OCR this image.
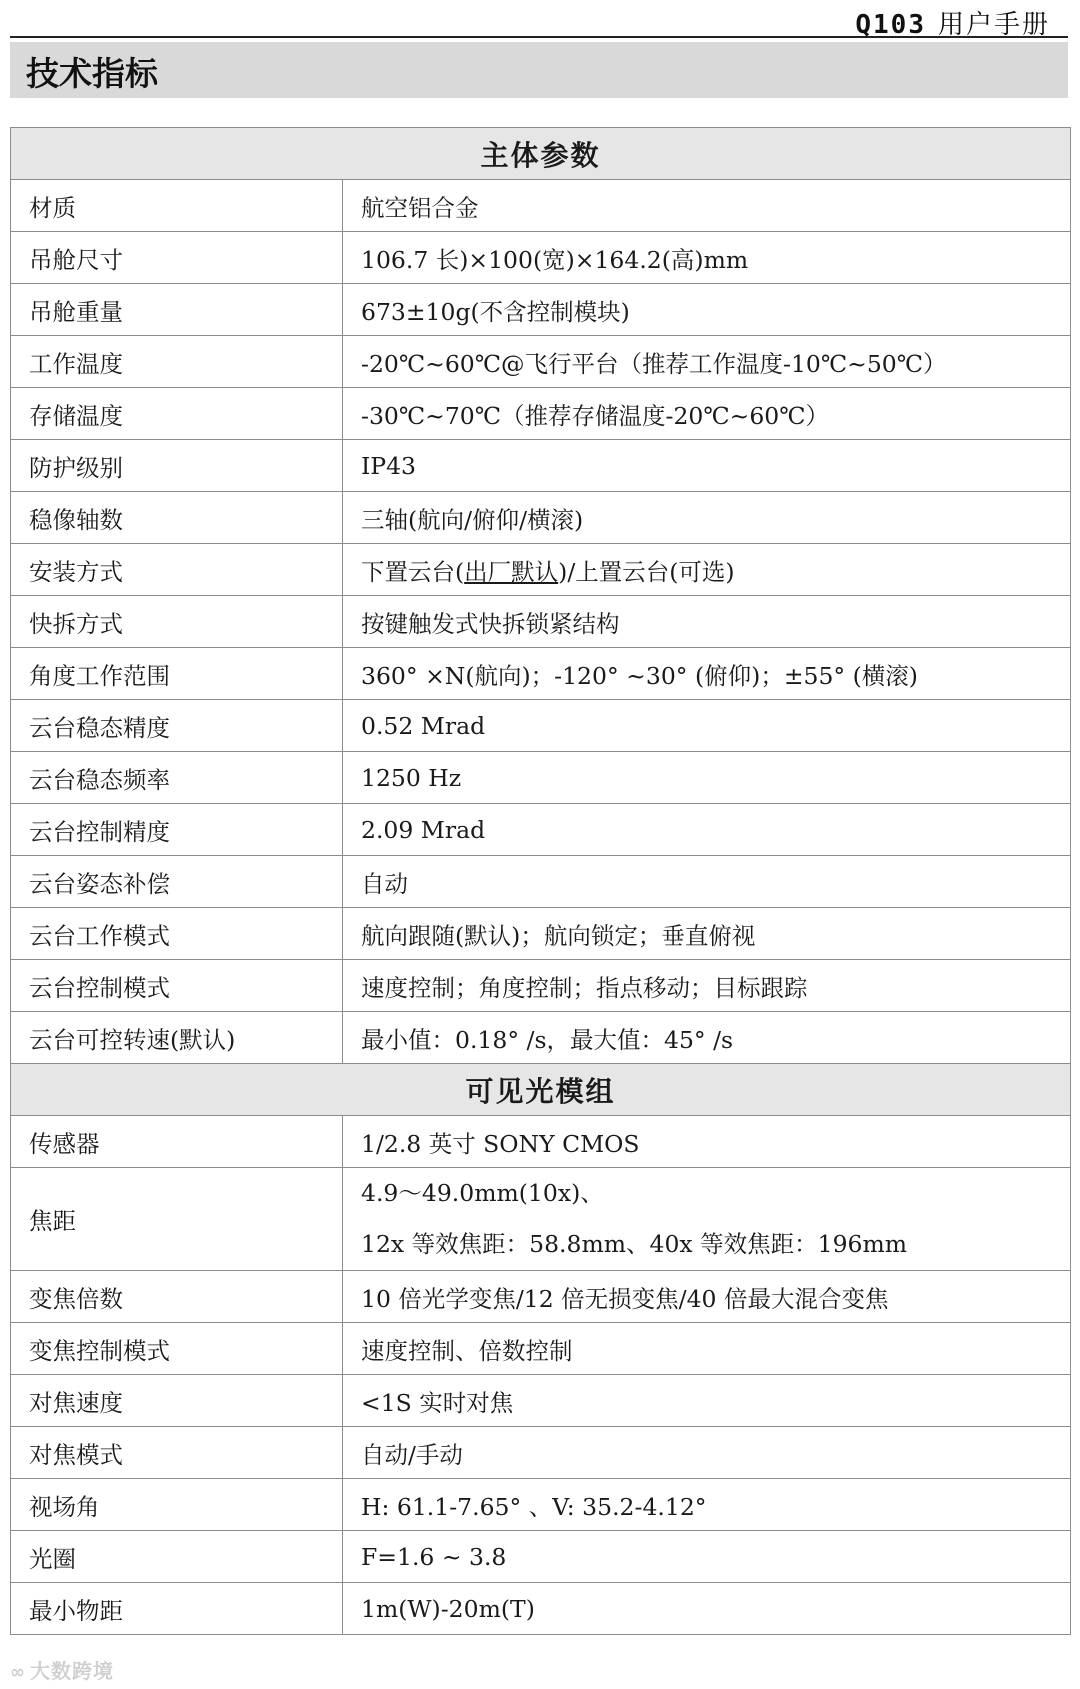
Q103 用户手册
技术指标
主体参数	
材质	航空铝合金
吊舱尺寸	106.7 长)×100(宽)×164.2(高)mm
吊舱重量	673±10g(不含控制模块)
工作温度	-20℃~60℃@飞行平台（推荐工作温度-10℃~50℃）
存储温度	-30℃~70℃（推荐存储温度-20℃~60℃）
防护级别	IP43
稳像轴数	三轴(航向/俯仰/横滚)
安装方式	下置云台(出厂默认)/上置云台(可选)
快拆方式	按键触发式快拆锁紧结构
角度工作范围	360° ×N(航向)；-120° ~30° (俯仰)；±55° (横滚)
云台稳态精度	0.52 Mrad
云台稳态频率	1250 Hz
云台控制精度	2.09 Mrad
云台姿态补偿	自动
云台工作模式	航向跟随(默认)；航向锁定；垂直俯视
云台控制模式	速度控制；角度控制；指点移动；目标跟踪
云台可控转速(默认)	最小值：0.18° /s，最大值：45° /s
可见光模组	
传感器	1/2.8 英寸 SONY CMOS
焦距	4.9～49.0mm(10x)、
12x 等效焦距：58.8mm、40x 等效焦距：196mm

变焦倍数	10 倍光学变焦/12 倍无损变焦/40 倍最大混合变焦
变焦控制模式	速度控制、倍数控制
对焦速度	<1S 实时对焦
对焦模式	自动/手动
视场角	H: 61.1-7.65° 、V: 35.2-4.12°
光圈	F=1.6 ~ 3.8
最小物距	1m(W)-20m(T)
∞ 大数跨境
